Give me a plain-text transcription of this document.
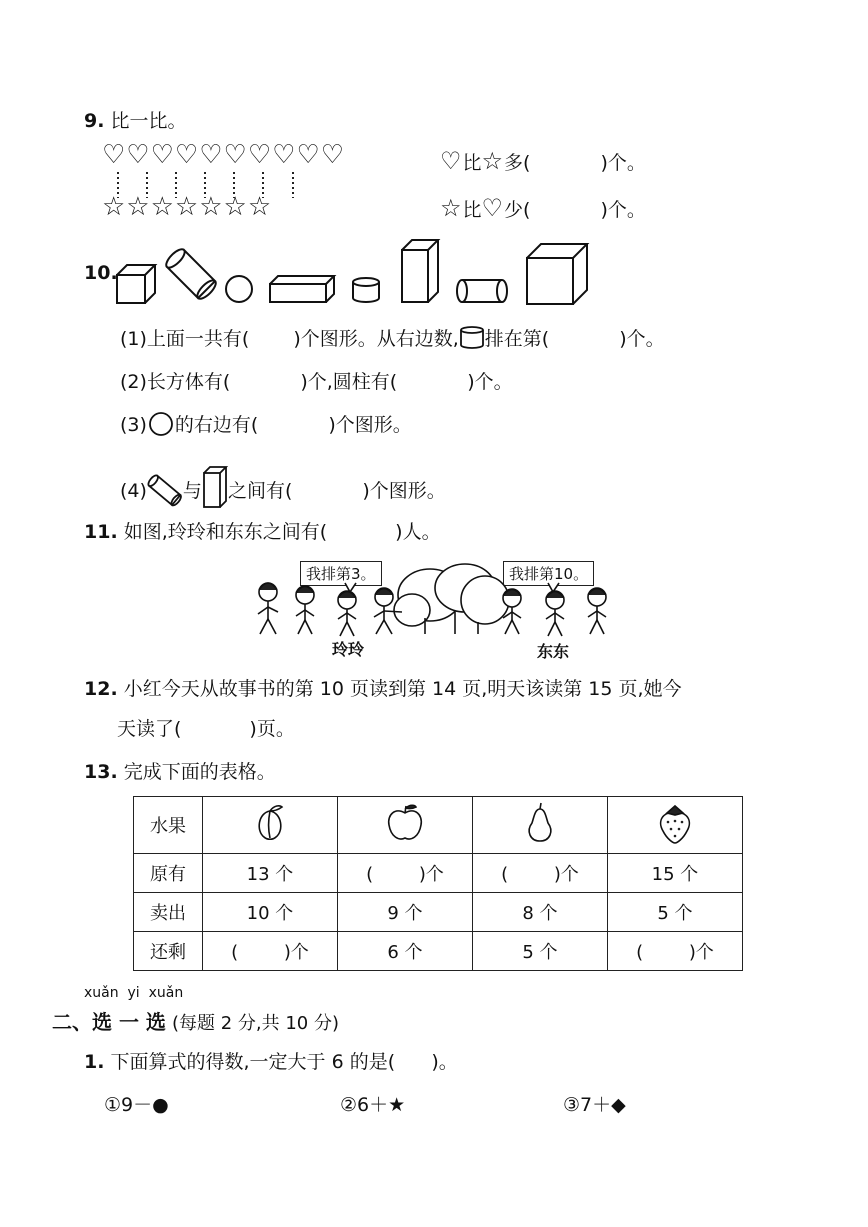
9. 比一比。
♡♡♡♡♡♡♡♡♡♡
☆☆☆☆☆☆☆
♡比☆多(	)个。
☆比♡少(	)个。
10.
(1)上面一共有( )个图形。从右边数, 排在第(	)个。
(2)长方体有(	)个,圆柱有(	)个。
(3) 的右边有(	)个图形。
(4) 与 之间有(	)个图形。
11. 如图,玲玲和东东之间有(	)人。
我排第3。	我排第10。
玲玲	东东
12. 小红今天从故事书的第 10 页读到第 14 页,明天该读第 15 页,她今
天读了(	)页。
13. 完成下面的表格。
水果				
原有	13 个	(        )个	(        )个	15 个
卖出	10 个	9 个	8 个	5 个
还剩	(        )个	6 个	5 个	(        )个
xuǎn  yi  xuǎn
二、选 一 选 (每题 2 分,共 10 分)
1. 下面算式的得数,一定大于 6 的是(      )。
①9－●	②6＋★	③7＋◆
